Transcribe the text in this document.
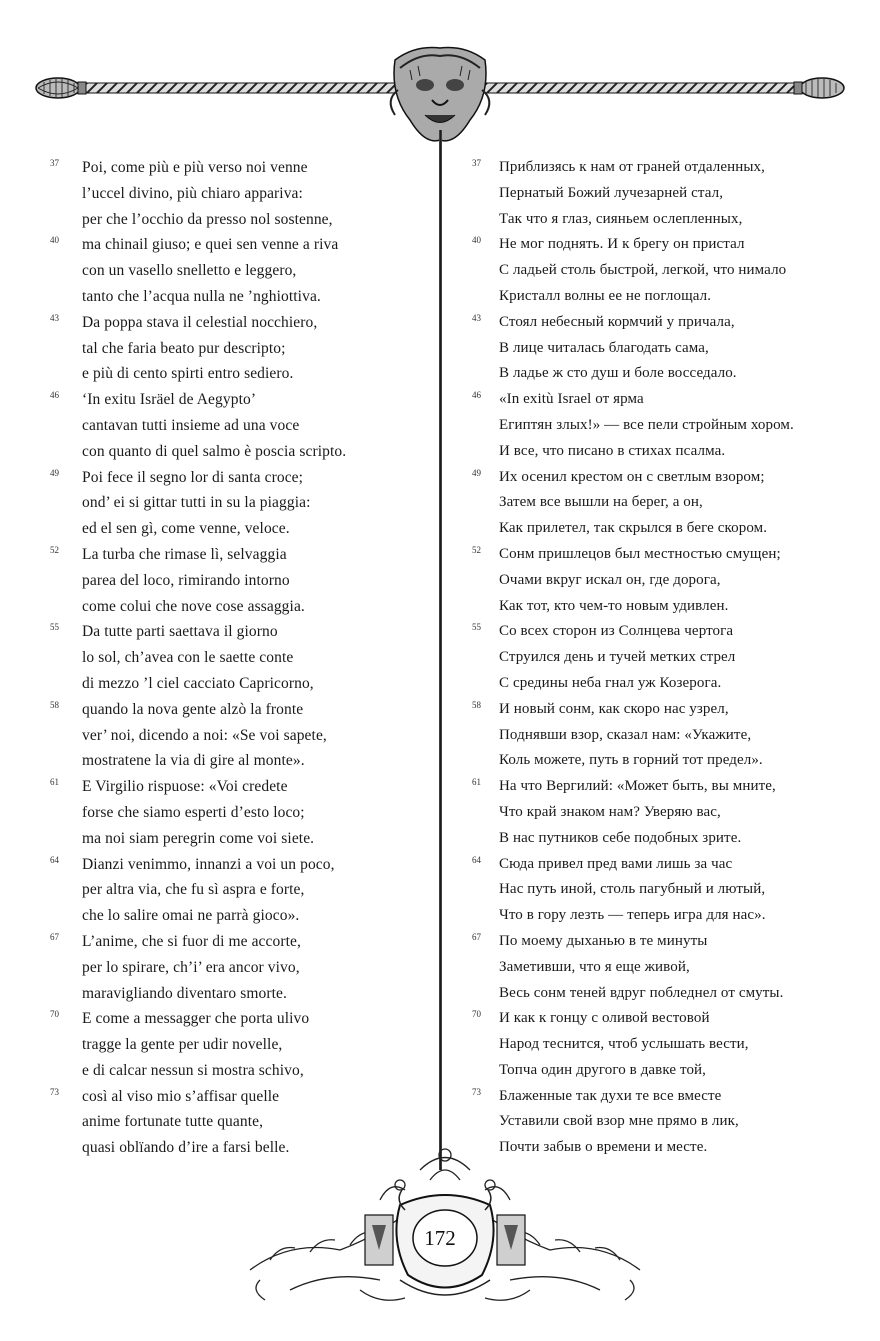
37 Poi, come più e più verso noi venne
l’uccel divino, più chiaro appariva:
per che l’occhio da presso nol sostenne,
40 ma chinail giuso; e quei sen venne a riva
con un vasello snelletto e leggero,
tanto che l’acqua nulla ne ’nghiottiva.
43 Da poppa stava il celestial nocchiero,
tal che faria beato pur descripto;
e più di cento spirti entro sediero.
46 ‘In exitu Isräel de Aegypto’
cantavan tutti insieme ad una voce
con quanto di quel salmo è poscia scripto.
49 Poi fece il segno lor di santa croce;
ond’ ei si gittar tutti in su la piaggia:
ed el sen gì, come venne, veloce.
52 La turba che rimase lì, selvaggia
parea del loco, rimirando intorno
come colui che nove cose assaggia.
55 Da tutte parti saettava il giorno
lo sol, ch’avea con le saette conte
di mezzo ’l ciel cacciato Capricorno,
58 quando la nova gente alzò la fronte
ver’ noi, dicendo a noi: «Se voi sapete,
mostratene la via di gire al monte».
61 E Virgilio rispuose: «Voi credete
forse che siamo esperti d’esto loco;
ma noi siam peregrin come voi siete.
64 Dianzi venimmo, innanzi a voi un poco,
per altra via, che fu sì aspra e forte,
che lo salire omai ne parrà gioco».
67 L’anime, che si fuor di me accorte,
per lo spirare, ch’i’ era ancor vivo,
maravigliando diventaro smorte.
70 E come a messagger che porta ulivo
tragge la gente per udir novelle,
e di calcar nessun si mostra schivo,
73 così al viso mio s’affisar quelle
anime fortunate tutte quante,
quasi oblïando d’ire a farsi belle.
37 Приблизясь к нам от граней отдаленных,
Пернатый Божий лучезарней стал,
Так что я глаз, сияньем ослепленных,
40 Не мог поднять. И к брегу он пристал
С ладьей столь быстрой, легкой, что нимало
Кристалл волны ее не поглощал.
43 Стоял небесный кормчий у причала,
В лице читалась благодать сама,
В ладье ж сто душ и боле восседало.
46 «In exitù Israel от ярма
Египтян злых!» — все пели стройным хором.
И все, что писано в стихах псалма.
49 Их осенил крестом он с светлым взором;
Затем все вышли на берег, а он,
Как прилетел, так скрылся в беге скором.
52 Сонм пришлецов был местностью смущен;
Очами вкруг искал он, где дорога,
Как тот, кто чем-то новым удивлен.
55 Со всех сторон из Солнцева чертога
Струился день и тучей метких стрел
С средины неба гнал уж Козерога.
58 И новый сонм, как скоро нас узрел,
Поднявши взор, сказал нам: «Укажите,
Коль можете, путь в горний тот предел».
61 На что Вергилий: «Может быть, вы мните,
Что край знаком нам? Уверяю вас,
В нас путников себе подобных зрите.
64 Сюда привел пред вами лишь за час
Нас путь иной, столь пагубный и лютый,
Что в гору лезть — теперь игра для нас».
67 По моему дыханью в те минуты
Заметивши, что я еще живой,
Весь сонм теней вдруг побледнел от смуты.
70 И как к гонцу с оливой вестовой
Народ теснится, чтоб услышать вести,
Топча один другого в давке той,
73 Блаженные так духи те все вместе
Уставили свой взор мне прямо в лик,
Почти забыв о времени и месте.
172
